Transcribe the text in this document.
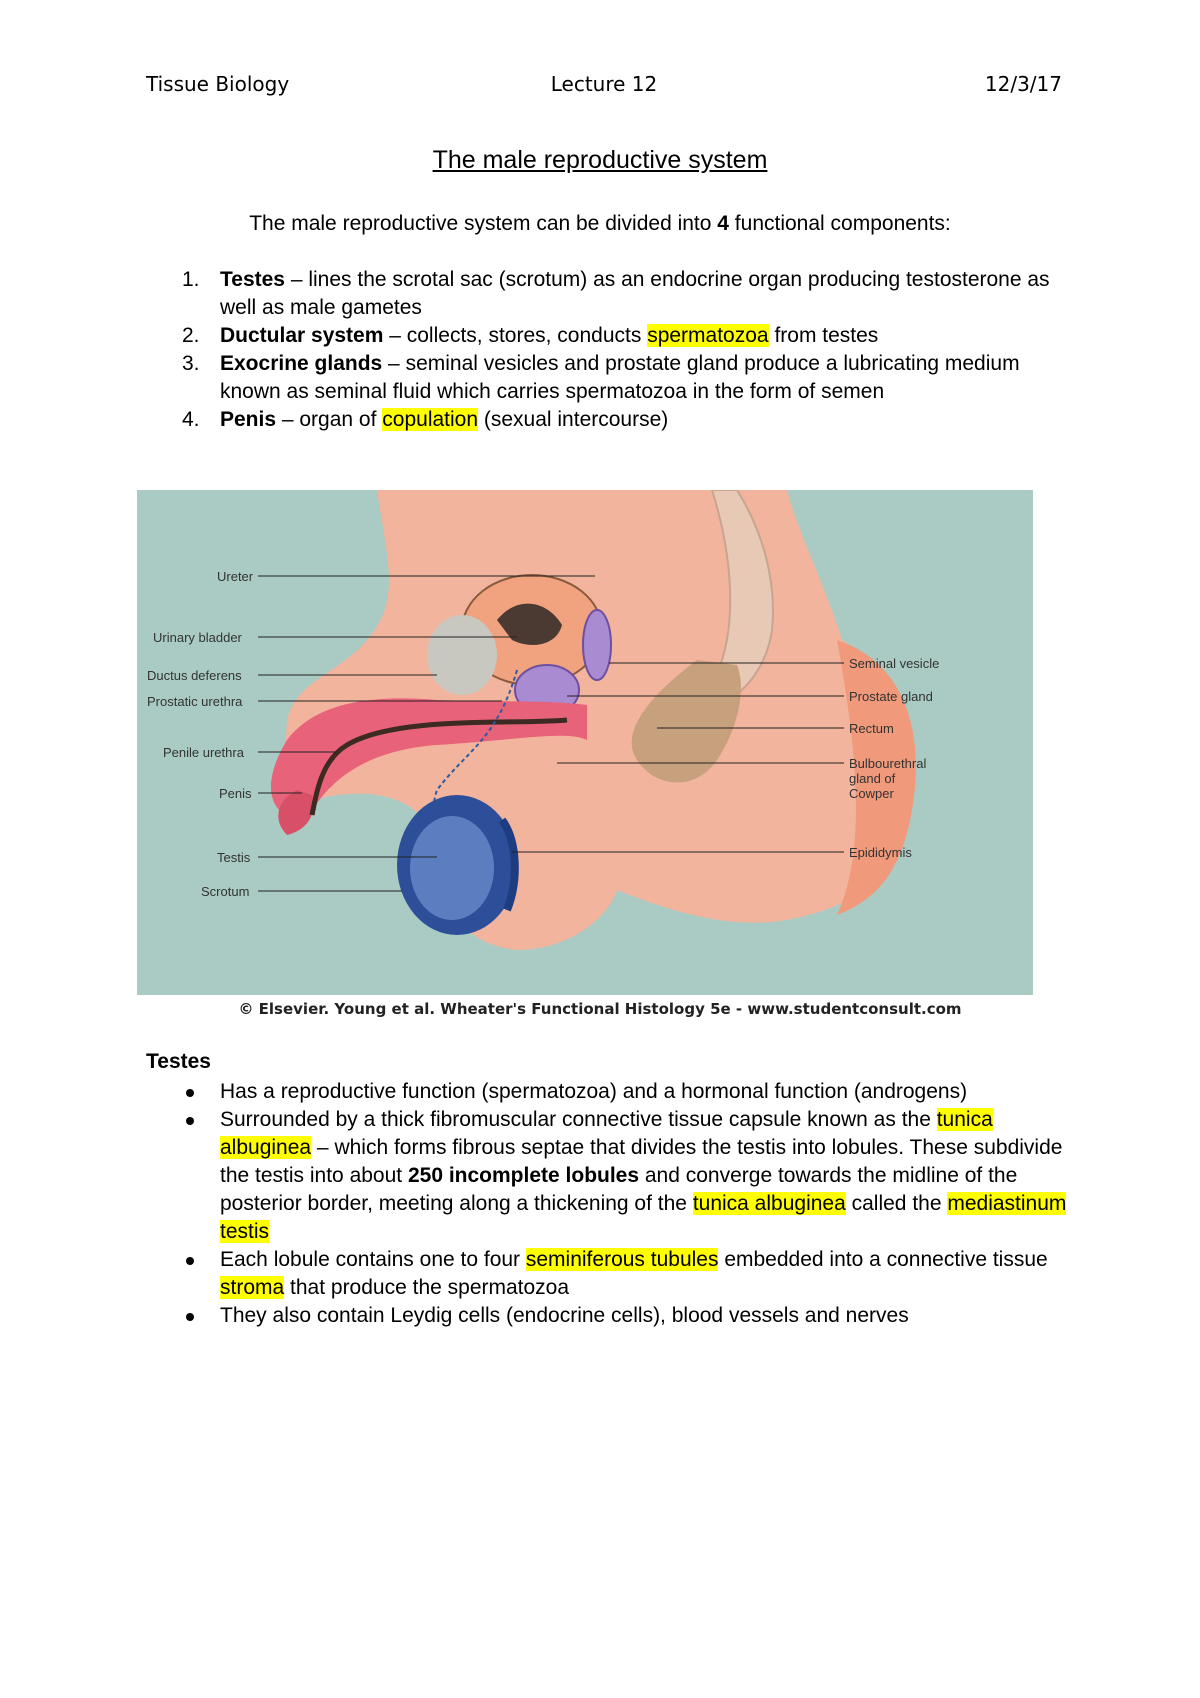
Tissue Biology	Lecture 12	12/3/17
The male reproductive system
The male reproductive system can be divided into 4 functional components:
1. Testes – lines the scrotal sac (scrotum) as an endocrine organ producing testosterone as well as male gametes
2. Ductular system – collects, stores, conducts spermatozoa from testes
3. Exocrine glands – seminal vesicles and prostate gland produce a lubricating medium known as seminal fluid which carries spermatozoa in the form of semen
4. Penis – organ of copulation (sexual intercourse)
Ureter
Urinary bladder
Ductus deferens
Prostatic urethra
Penile urethra
Penis
Testis
Scrotum
Seminal vesicle
Prostate gland
Rectum
Bulbourethral
gland of
Cowper
Epididymis
© Elsevier. Young et al. Wheater's Functional Histology 5e - www.studentconsult.com
Testes
Has a reproductive function (spermatozoa) and a hormonal function (androgens)
Surrounded by a thick fibromuscular connective tissue capsule known as the tunica albuginea – which forms fibrous septae that divides the testis into lobules. These subdivide the testis into about 250 incomplete lobules and converge towards the midline of the posterior border, meeting along a thickening of the tunica albuginea called the mediastinum testis
Each lobule contains one to four seminiferous tubules embedded into a connective tissue stroma that produce the spermatozoa
They also contain Leydig cells (endocrine cells), blood vessels and nerves
